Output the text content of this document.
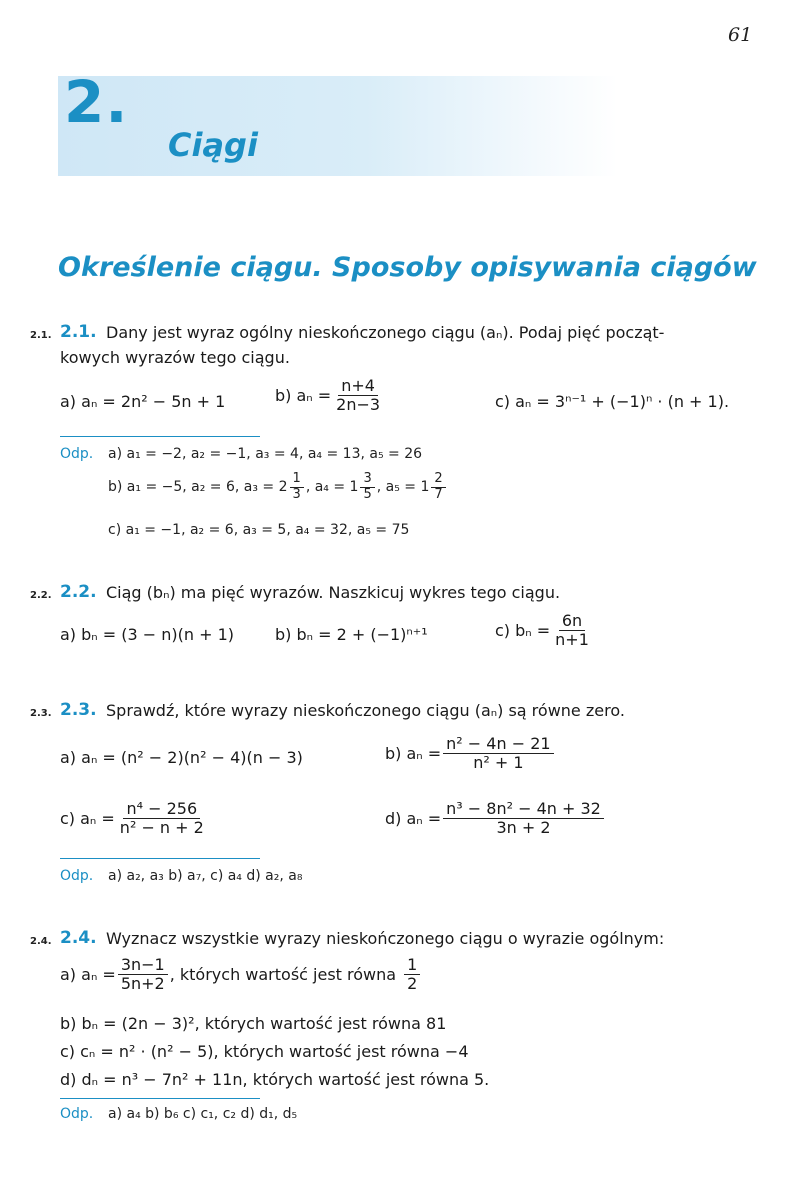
61
2.
Ciągi
Określenie ciągu. Sposoby opisywania ciągów
2.1. 2.1. Dany jest wyraz ogólny nieskończonego ciągu (aₙ). Podaj pięć począt-
kowych wyrazów tego ciągu.
a) aₙ = 2n² − 5n + 1	b) $a_n = \frac{n+4}{2n-3}$	c) aₙ = 3ⁿ⁻¹ + (−1)ⁿ · (n + 1).
Odp. a) a₁ = −2, a₂ = −1, a₃ = 4, a₄ = 13, a₅ = 26
b) a₁ = −5, a₂ = 6, $a_3 = 2 \frac{1}{3}$ , $a_4 = 1 \frac{3}{5}$ , $a_5 = 1 \frac{2}{7}$
c) a₁ = −1, a₂ = 6, a₃ = 5, a₄ = 32, a₅ = 75
2.2. 2.2. Ciąg (bₙ) ma pięć wyrazów. Naszkicuj wykres tego ciągu.
a) bₙ = (3 − n)(n + 1)	b) bₙ = 2 + (−1)ⁿ⁺¹	c) $b_n = \frac{6n}{n+1}$
2.3. 2.3. Sprawdź, które wyrazy nieskończonego ciągu (aₙ) są równe zero.
a) aₙ = (n² − 2)(n² − 4)(n − 3)	b) $a_n = \frac{\text{n² − 4n − 21}}{\text{n² + 1}}$
c) $a_n = \frac{\text{n⁴ − 256}}{\text{n² − n + 2}}$	d) $a_n = \frac{\text{n³ − 8n² − 4n + 32}}{3n + 2}$
Odp. a) a₂, a₃ b) a₇, c) a₄ d) a₂, a₈
2.4. 2.4. Wyznacz wszystkie wyrazy nieskończonego ciągu o wyrazie ogólnym:
a) $a_n = \frac{3n-1}{5n+2}$ , których wartość jest równa $\frac{1}{2}$
b) bₙ = (2n − 3)², których wartość jest równa 81
c) cₙ = n² · (n² − 5), których wartość jest równa −4
d) dₙ = n³ − 7n² + 11n, których wartość jest równa 5.
Odp. a) a₄ b) b₆ c) c₁, c₂ d) d₁, d₅
